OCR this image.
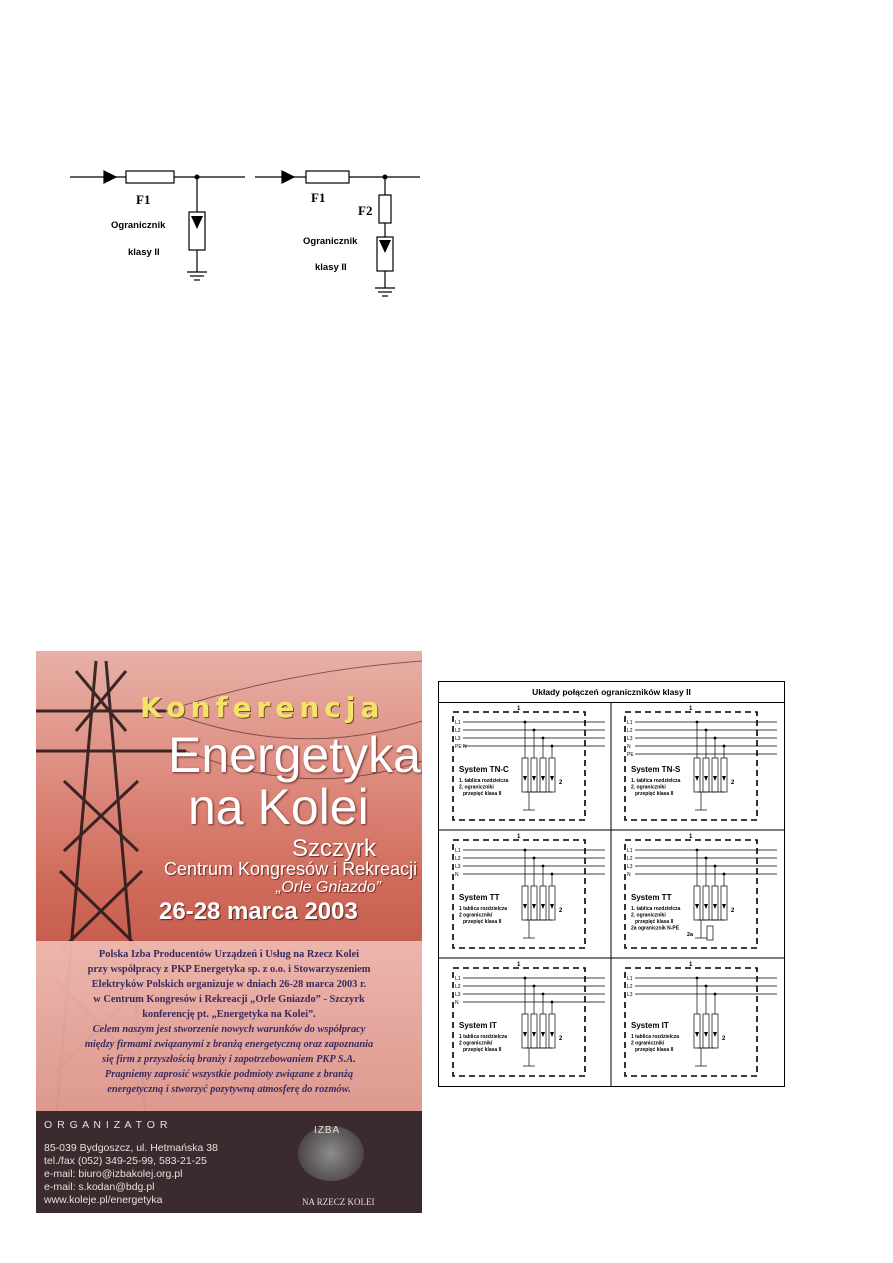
F1
Ogranicznik
klasy II
F1
F2
Ogranicznik
klasy II
Konferencja
Energetyka
na Kolei
Szczyrk
Centrum Kongresów i Rekreacji
„Orle Gniazdo”
26-28 marca 2003
Polska Izba Producentów Urządzeń i Usług na Rzecz Kolei
przy współpracy z PKP Energetyka sp. z o.o. i Stowarzyszeniem
Elektryków Polskich organizuje w dniach 26-28 marca 2003 r.
w Centrum Kongresów i Rekreacji „Orle Gniazdo” - Szczyrk
konferencję pt. „Energetyka na Kolei”.
Celem naszym jest stworzenie nowych warunków do współpracy
między firmami związanymi z branżą energetyczną oraz zapoznania
się firm z przyszłością branży i zapotrzebowaniem PKP S.A.
Pragniemy zaprosić wszystkie podmioty związane z branżą
energetyczną i stworzyć pozytywną atmosferę do rozmów.
O R G A N I Z A T O R
85-039 Bydgoszcz, ul. Hetmańska 38
tel./fax (052) 349-25-99, 583-21-25
e-mail: biuro@izbakolej.org.pl
e-mail: s.kodan@bdg.pl
www.koleje.pl/energetyka
IZBA
NA RZECZ KOLEI
Układy połączeń ograniczników klasy II
1
L1
L2
L3
PE N
2
System TN-C
1. tablica rozdzielcza
2. ograniczniki
przepięć klasa II
1
L1
L2
L3
N
PE
2
System TN-S
1. tablica rozdzielcza
2. ograniczniki
przepięć klasa II
1
L1
L2
L3
N
2
System TT
1 tablica rozdzielcza
2 ograniczniki
przepięć klasa II
1
L1
L2
L3
N
2
2a
System TT
1. tablica rozdzielcza
2. ograniczniki
przepięć klasa II
2a ogranicznik N-PE
1
L1
L2
L3
N
2
System IT
1 tablica rozdzielcza
2 ograniczniki
przepięć klasa II
1
L1
L2
L3
2
System IT
1 tablica rozdzielcza
2 ograniczniki
przepięć klasa II
